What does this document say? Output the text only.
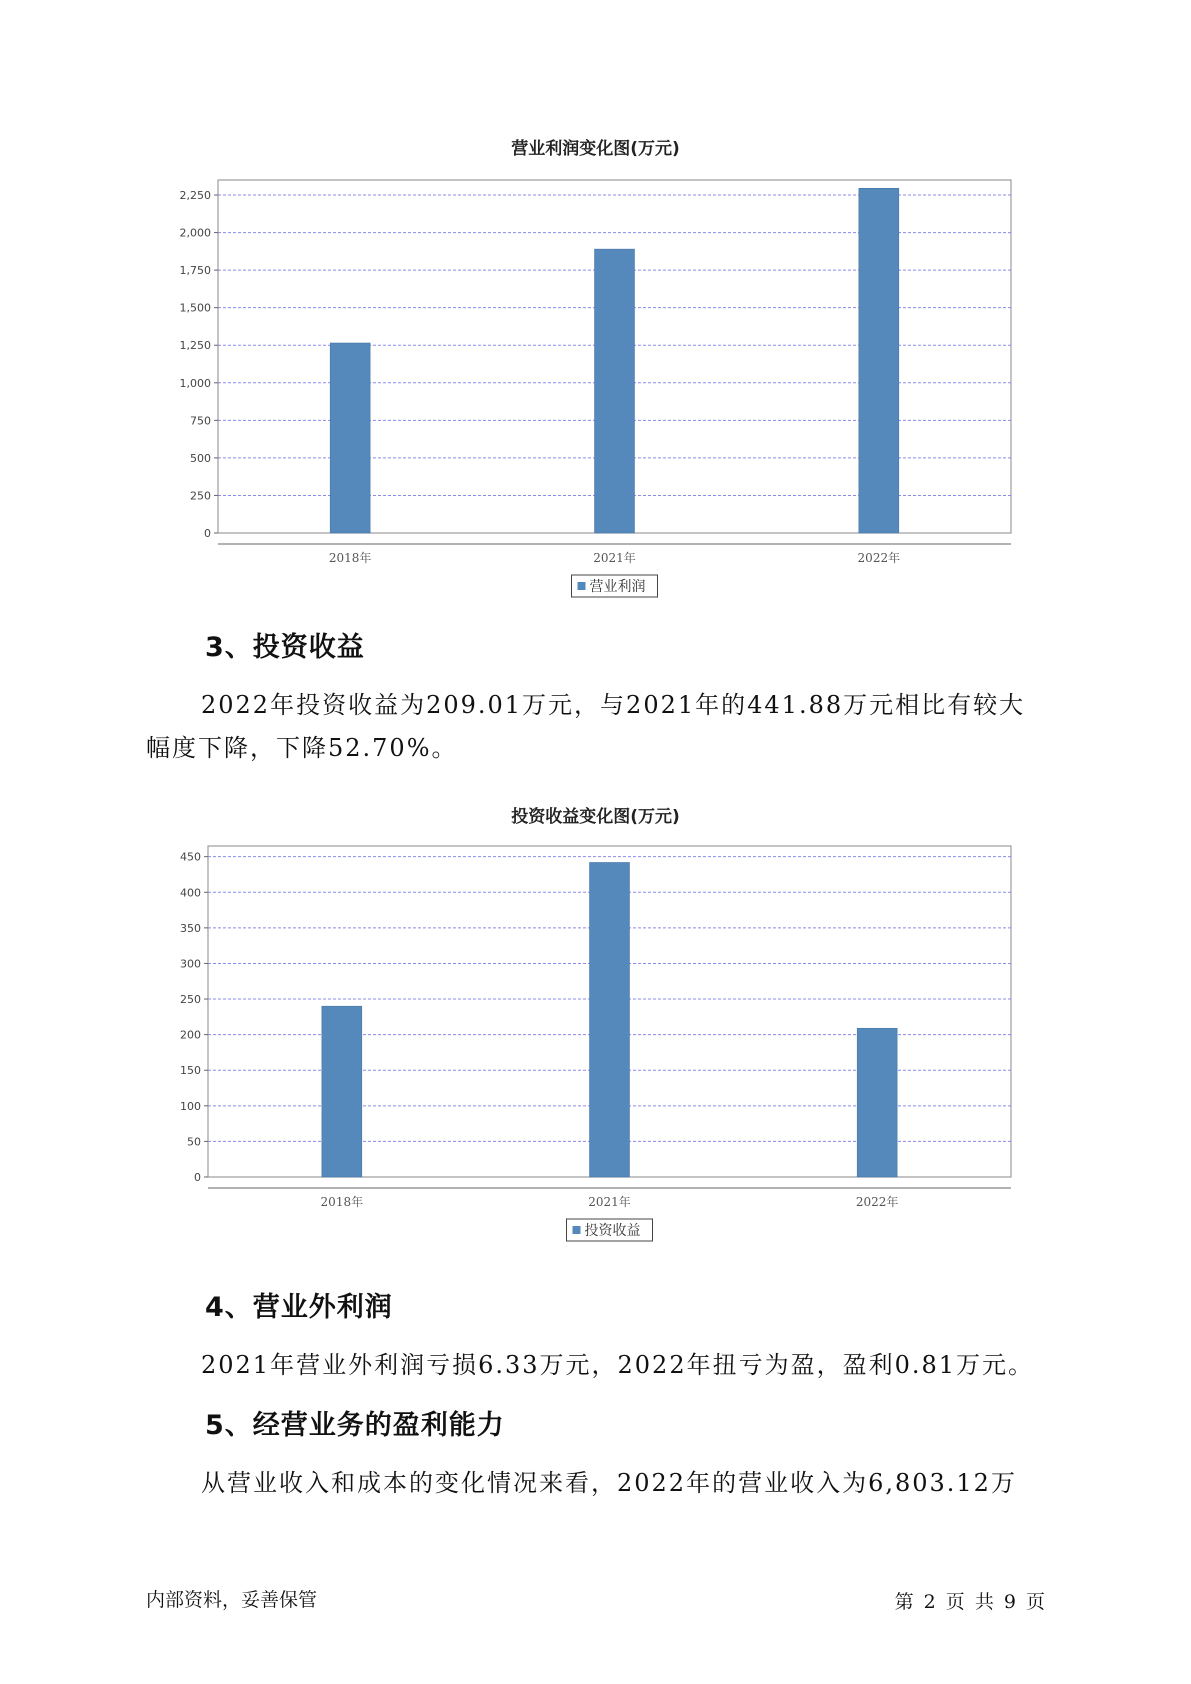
营业利润变化图(万元)
0
250
500
750
1,000
1,250
1,500
1,750
2,000
2,250
2018年	2021年	2022年
营业利润
3、投资收益

2022年投资收益为209.01万元，与2021年的441.88万元相比有较大幅度下降，下降52.70%。

投资收益变化图(万元)
0
50
100
150
200
250
300
350
400
450
2018年	2021年	2022年
投资收益
4、营业外利润

2021年营业外利润亏损6.33万元，2022年扭亏为盈，盈利0.81万元。

5、经营业务的盈利能力

从营业收入和成本的变化情况来看，2022年的营业收入为6,803.12万

内部资料，妥善保管	第 2 页 共 9 页
